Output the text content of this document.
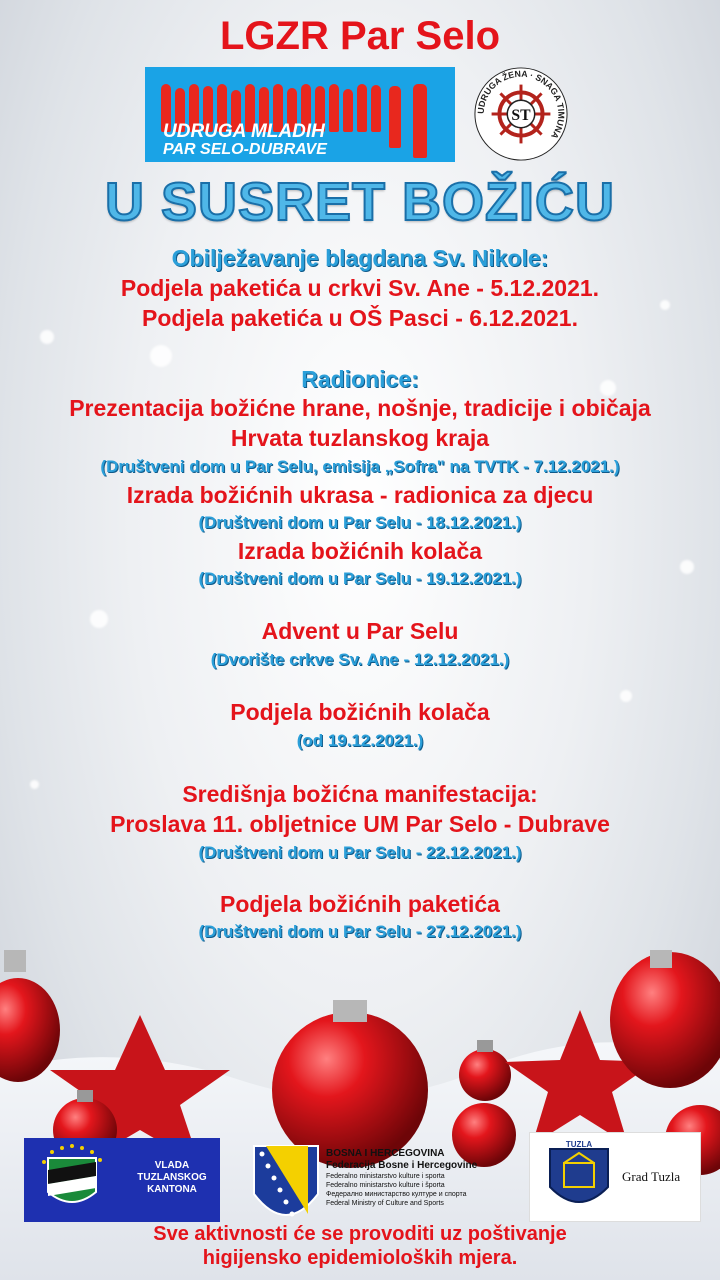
LGZR Par Selo
UDRUGA MLADIH
PAR SELO-DUBRAVE
UDRUGA ŽENA · SNAGA TIMUNA
ST
U SUSRET BOŽIĆU
Obilježavanje blagdana Sv. Nikole:
Podjela paketića u crkvi Sv. Ane - 5.12.2021.
Podjela paketića u OŠ Pasci - 6.12.2021.
Radionice:
Prezentacija božićne hrane, nošnje, tradicije i običaja
Hrvata tuzlanskog kraja
(Društveni dom u Par Selu, emisija „Sofra" na TVTK - 7.12.2021.)
Izrada božićnih ukrasa - radionica za djecu
(Društveni dom u Par Selu - 18.12.2021.)
Izrada božićnih kolača
(Društveni dom u Par Selu - 19.12.2021.)
Advent u Par Selu
(Dvorište crkve Sv. Ane - 12.12.2021.)
Podjela božićnih kolača
(od 19.12.2021.)
Središnja božićna manifestacija:
Proslava 11. obljetnice UM Par Selo - Dubrave
(Društveni dom u Par Selu - 22.12.2021.)
Podjela božićnih paketića
(Društveni dom u Par Selu - 27.12.2021.)
VLADA
TUZLANSKOG
KANTONA
BOSNA I HERCEGOVINA
Federacija Bosne i Hercegovine
Federalno ministarstvo kulture i sporta
Federalno ministarstvo kulture i športa
Федерално министарство културе и спорта
Federal Ministry of Culture and Sports
TUZLA
Grad Tuzla
Sve aktivnosti će se provoditi uz poštivanje
higijensko epidemioloških mjera.
